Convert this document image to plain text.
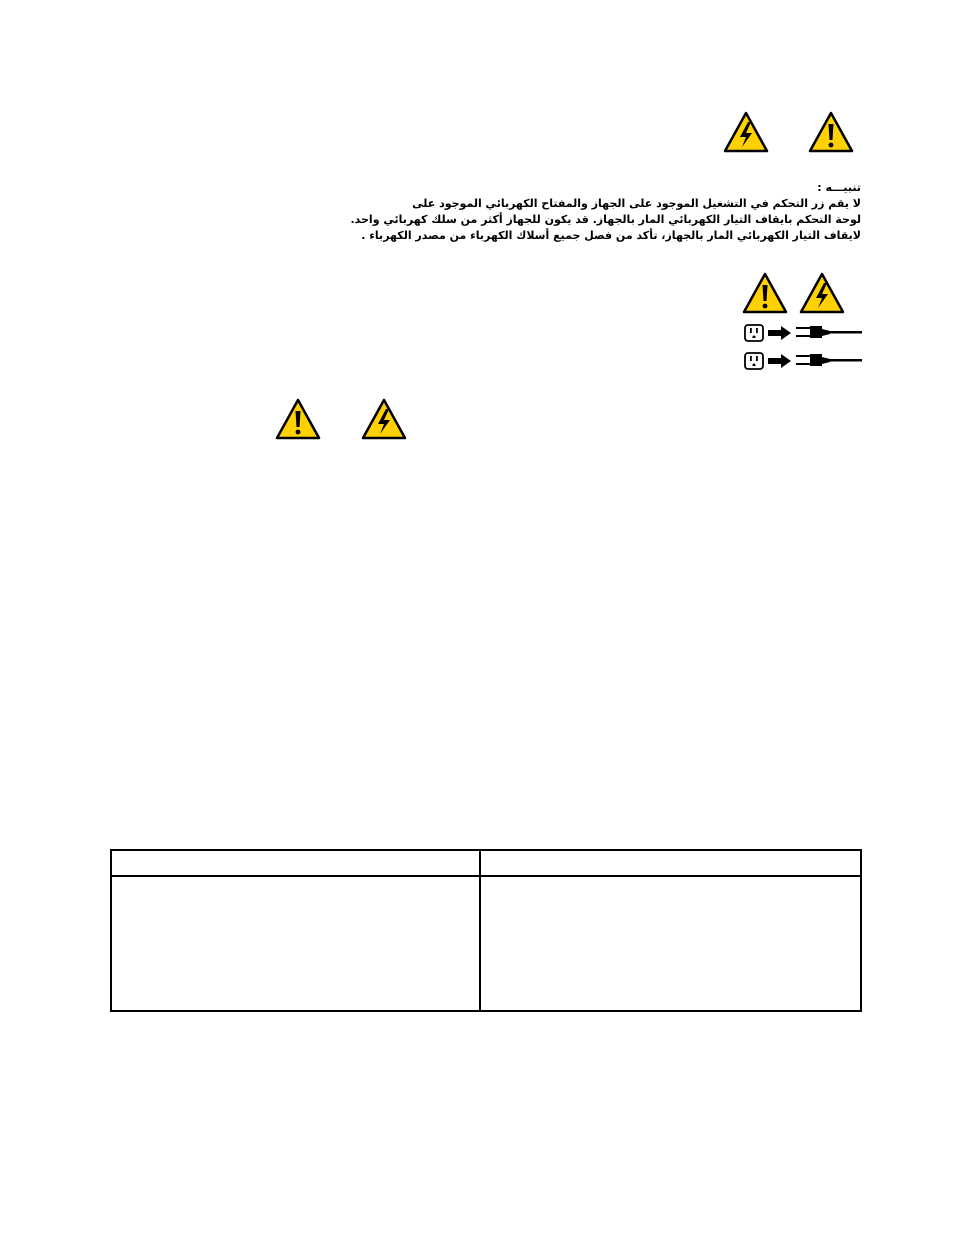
تنبيـــه :
لا يقم زر التحكم في التشغيل الموجود على الجهاز والمفتاح الكهربائي الموجود على
لوحة التحكم بايقاف التيار الكهربائي المار بالجهاز. قد يكون للجهاز أكثر من سلك كهربائي واحد.
لايقاف التيار الكهربائي المار بالجهاز، تأكد من فصل جميع أسلاك الكهرباء من مصدر الكهرباء .
